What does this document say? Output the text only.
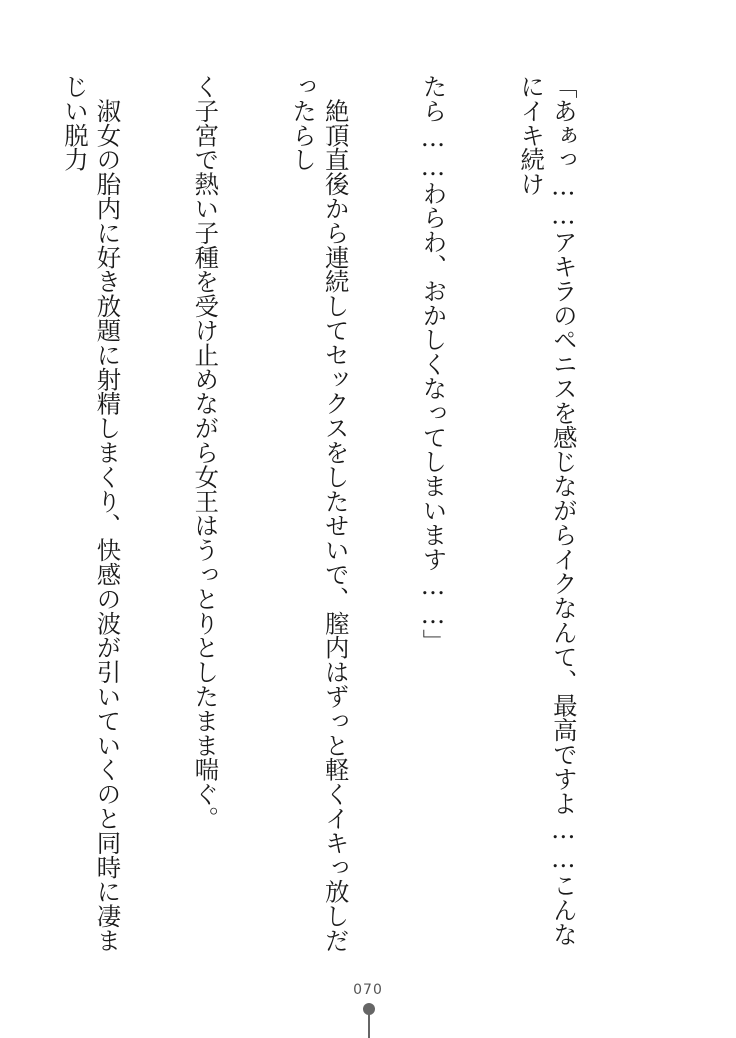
「あぁっ……アキラのペニスを感じながらイクなんて、最高ですよ……こんなにイキ続け

たら……わらわ、おかしくなってしまいます……」

　絶頂直後から連続してセックスをしたせいで、膣内はずっと軽くイキっ放しだったらし

く子宮で熱い子種を受け止めながら女王はうっとりとしたまま喘ぐ。

　淑女の胎内に好き放題に射精しまくり、快感の波が引いていくのと同時に凄まじい脱力

070
